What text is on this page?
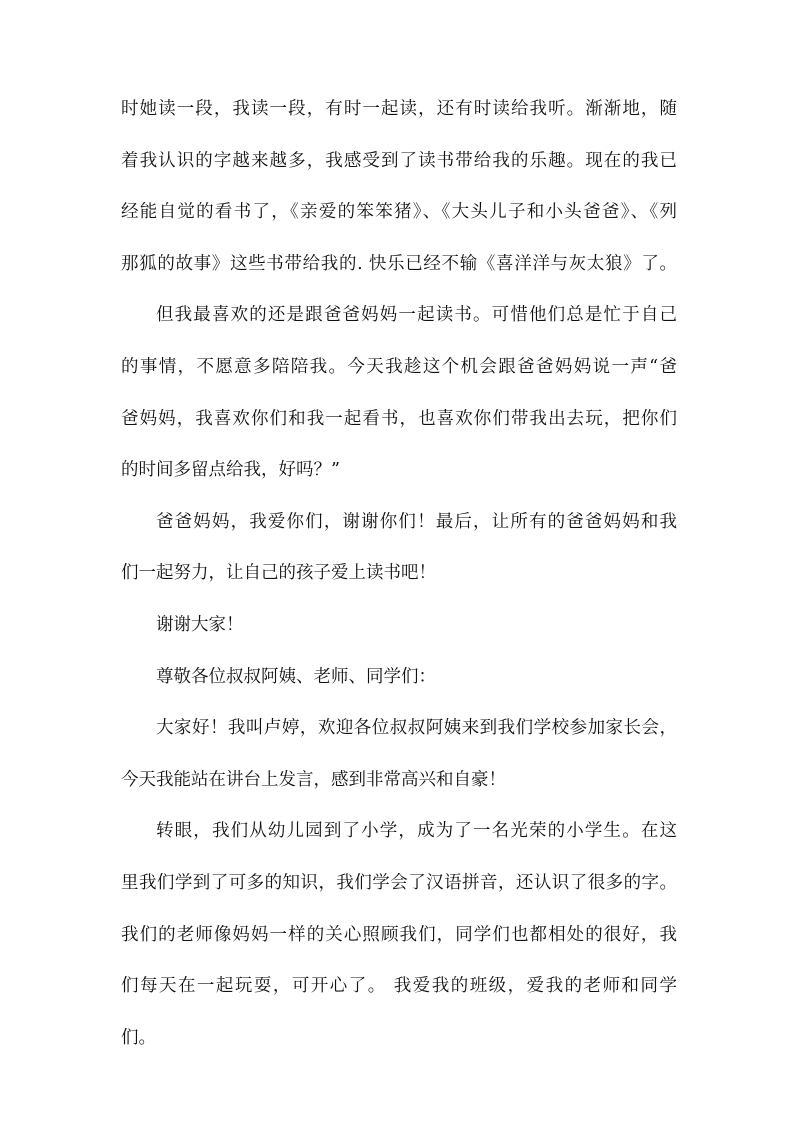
时她读一段，我读一段，有时一起读，还有时读给我听。渐渐地，随
着我认识的字越来越多，我感受到了读书带给我的乐趣。现在的我已
经能自觉的看书了，《亲爱的笨笨猪》、《大头儿子和小头爸爸》、《列
那狐的故事》这些书带给我的. 快乐已经不输《喜洋洋与灰太狼》了。
但我最喜欢的还是跟爸爸妈妈一起读书。可惜他们总是忙于自己
的事情，不愿意多陪陪我。今天我趁这个机会跟爸爸妈妈说一声“爸
爸妈妈，我喜欢你们和我一起看书，也喜欢你们带我出去玩，把你们
的时间多留点给我，好吗？”
爸爸妈妈，我爱你们，谢谢你们！最后，让所有的爸爸妈妈和我
们一起努力，让自己的孩子爱上读书吧！
谢谢大家！
尊敬各位叔叔阿姨、老师、同学们：
大家好！我叫卢婷，欢迎各位叔叔阿姨来到我们学校参加家长会，
今天我能站在讲台上发言，感到非常高兴和自豪！
转眼，我们从幼儿园到了小学，成为了一名光荣的小学生。在这
里我们学到了可多的知识，我们学会了汉语拼音，还认识了很多的字。
我们的老师像妈妈一样的关心照顾我们，同学们也都相处的很好，我
们每天在一起玩耍，可开心了。 我爱我的班级，爱我的老师和同学
们。
